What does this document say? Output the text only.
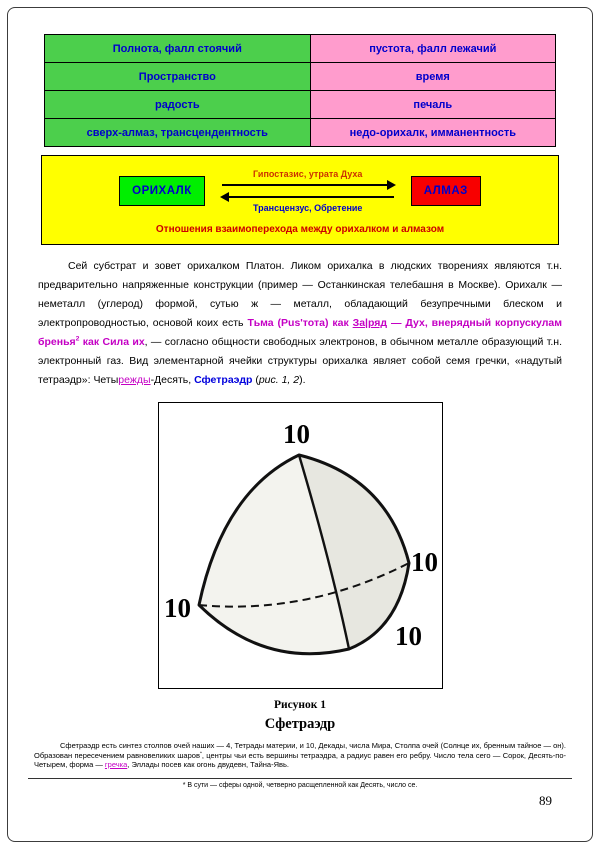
Полнота, фалл стоячий	пустота, фалл лежачий
Пространство	время
радость	печаль
сверх-алмаз, трансцендентность	недо-орихалк, имманентность
ОРИХАЛК
Гипостазис, утрата Духа
Трансцензус, Обретение
АЛМАЗ
Отношения взаимоперехода между орихалком и алмазом

Сей субстрат и зовет орихалком Платон. Ликом орихалка в людских творениях являются т.н. предварительно напряженные конструкции (пример — Останкинская телебашня в Москве). Орихалк — неметалл (углерод) формой, сутью ж — металл, обладающий безупречными блеском и электропроводностью, основой коих есть Тьма (Pus'тота) как За|ряд — Дух, внерядный корпускулам бренья$^2$ как Сила их, — согласно общности свободных электронов, в обычном металле образующий т.н. электронный газ. Вид элементарной ячейки структуры орихалка являет собой семя гречки, «надутый тетраэдр»: Четырежды-Десять, Сфетраэдр (рис. 1, 2).

10
10
10
10
Рисунок 1
Сфетраэдр

Сфетраэдр есть синтез столпов очей наших — 4, Тетрады материи, и 10, Декады, числа Мира, Столпа очей (Солнце их, бренным тайное — он). Образован пересечением равновеликих шаров*, центры чьи есть вершины тетраэдра, а радиус равен его ребру. Число тела сего — Сорок, Десять-по-Четырем, форма — гречка, Эллады посев как огонь двудевн, Тайна-Явь.

* В сути — сферы одной, четверно расщепленной как Десять, число се.
89
